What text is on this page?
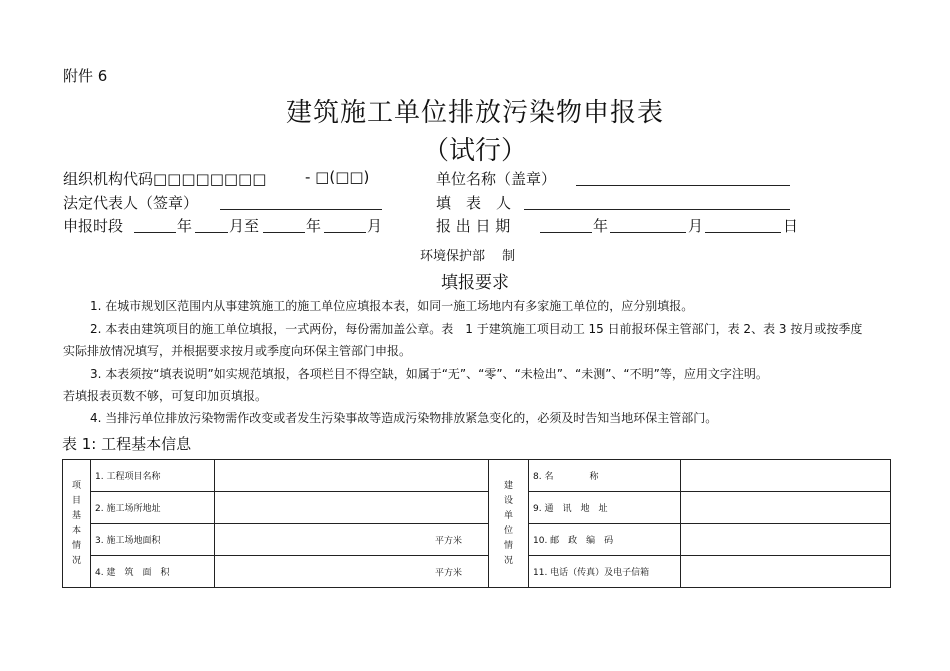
附件 6
建筑施工单位排放污染物申报表
（试行）
组织机构代码□□□□□□□□	- □(□□)	单位名称（盖章）
法定代表人（签章）	填　表　人
申报时段	年 月至	年	月	报 出 日 期	年	月	日
环境保护部　 制
填报要求
1. 在城市规划区范围内从事建筑施工的施工单位应填报本表，如同一施工场地内有多家施工单位的，应分别填报。
2. 本表由建筑项目的施工单位填报，一式两份，每份需加盖公章。表　1 于建筑施工项目动工 15 日前报环保主管部门，表 2、表 3 按月或按季度
实际排放情况填写，并根据要求按月或季度向环保主管部门申报。
3. 本表须按“填表说明”如实规范填报，各项栏目不得空缺，如属于“无”、“零”、“未检出”、“未测”、“不明”等，应用文字注明。
若填报表页数不够，可复印加页填报。
4. 当排污单位排放污染物需作改变或者发生污染事故等造成污染物排放紧急变化的，必须及时告知当地环保主管部门。
表 1: 工程基本信息
项目基本情况	1. 工程项目名称		建设单位情况	8. 名　　　　称	
	2. 施工场所地址			9. 通　讯　地　址	
	3. 施工场地面积	平方米		10. 邮　政　编　码	
	4. 建　筑　面　积	平方米		11. 电话（传真）及电子信箱	
